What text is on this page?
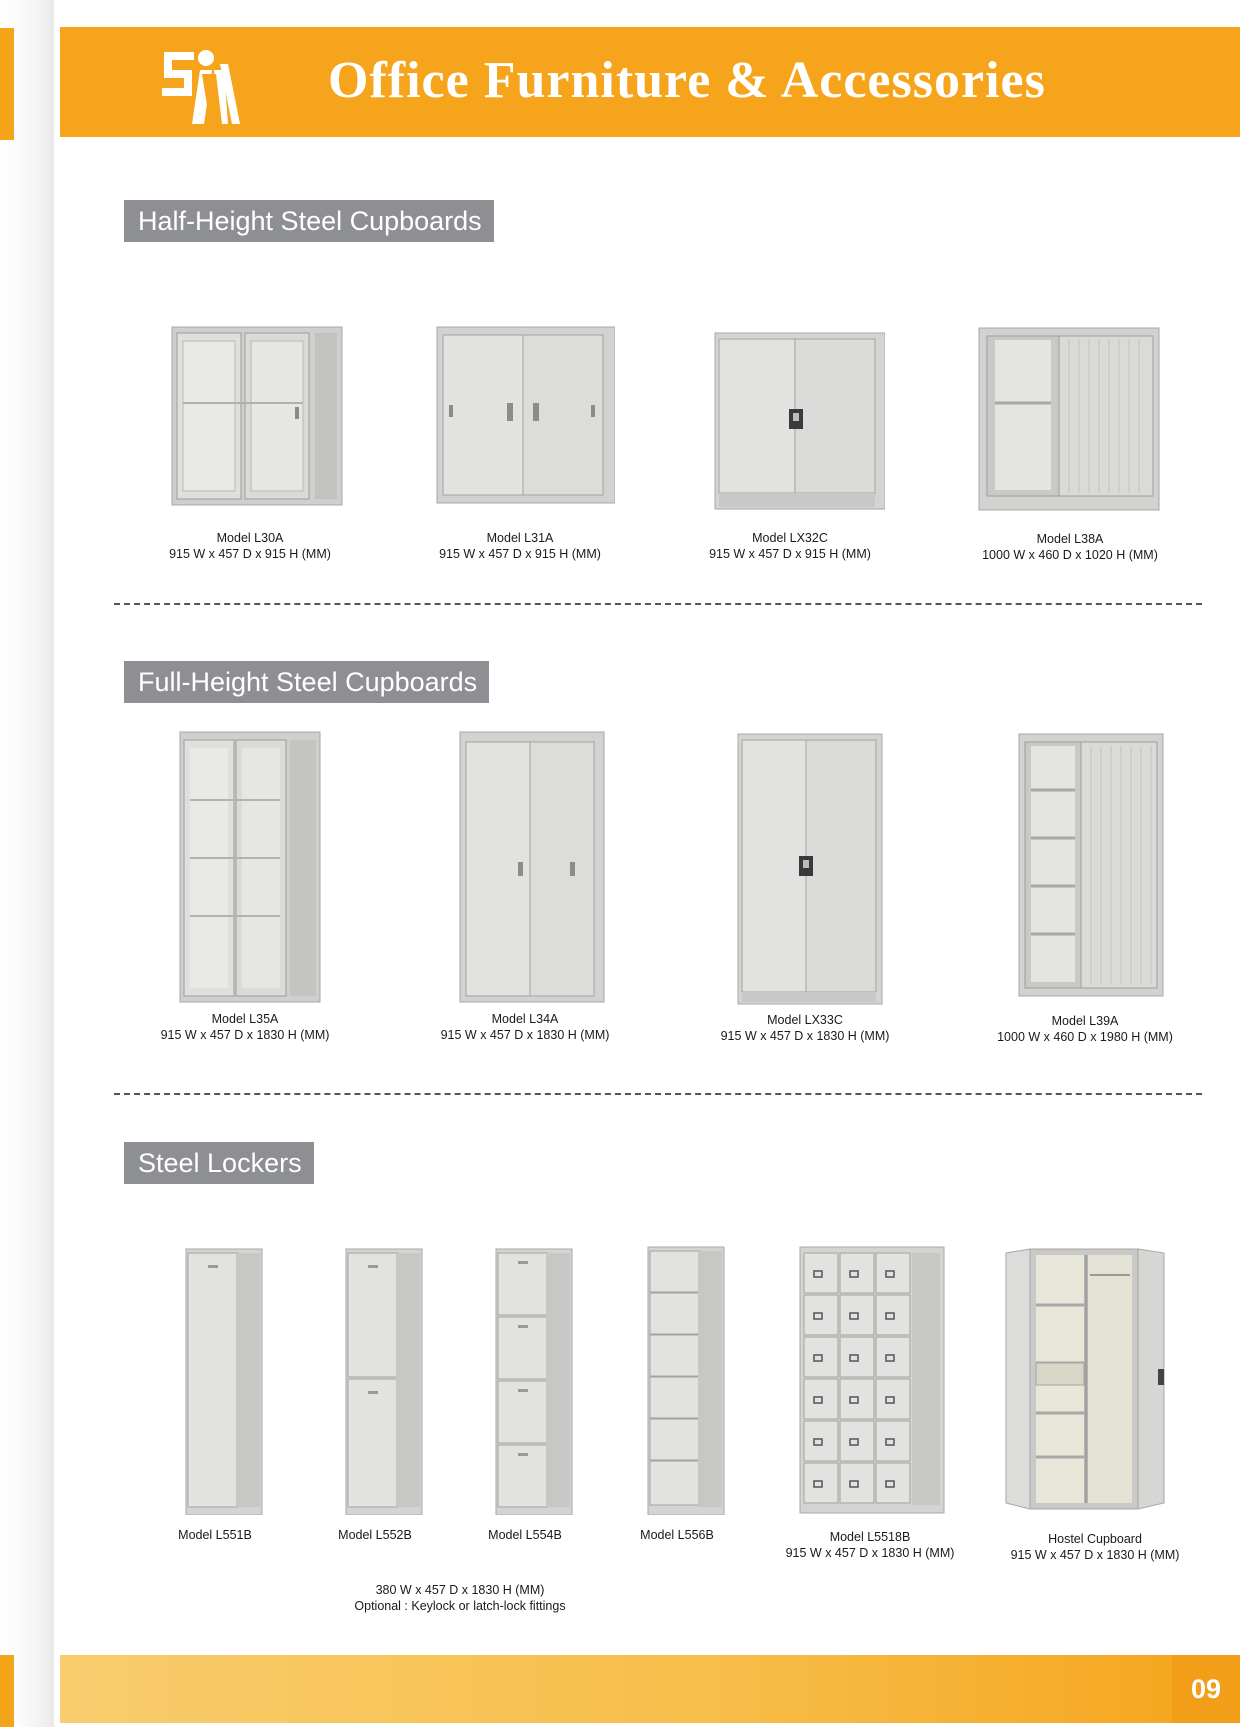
Office Furniture & Accessories
Half-Height Steel Cupboards
Model L30A
915 W x 457 D x 915 H (MM)
Model L31A
915 W x 457 D x 915 H (MM)
Model LX32C
915 W x 457 D x 915 H (MM)
Model L38A
1000 W x 460 D x 1020 H (MM)
Full-Height Steel Cupboards
Model L35A
915 W x 457 D x 1830 H (MM)
Model L34A
915 W x 457 D x 1830 H (MM)
Model LX33C
915 W x 457 D x 1830 H (MM)
Model L39A
1000 W x 460 D x 1980 H (MM)
Steel Lockers
Model L551B	Model L552B	Model L554B	Model L556B	Model L5518B
915 W x 457 D x 1830 H (MM)
Hostel Cupboard
915 W x 457 D x 1830 H (MM)
380 W x 457 D x 1830 H (MM)
Optional : Keylock or latch-lock fittings
09
